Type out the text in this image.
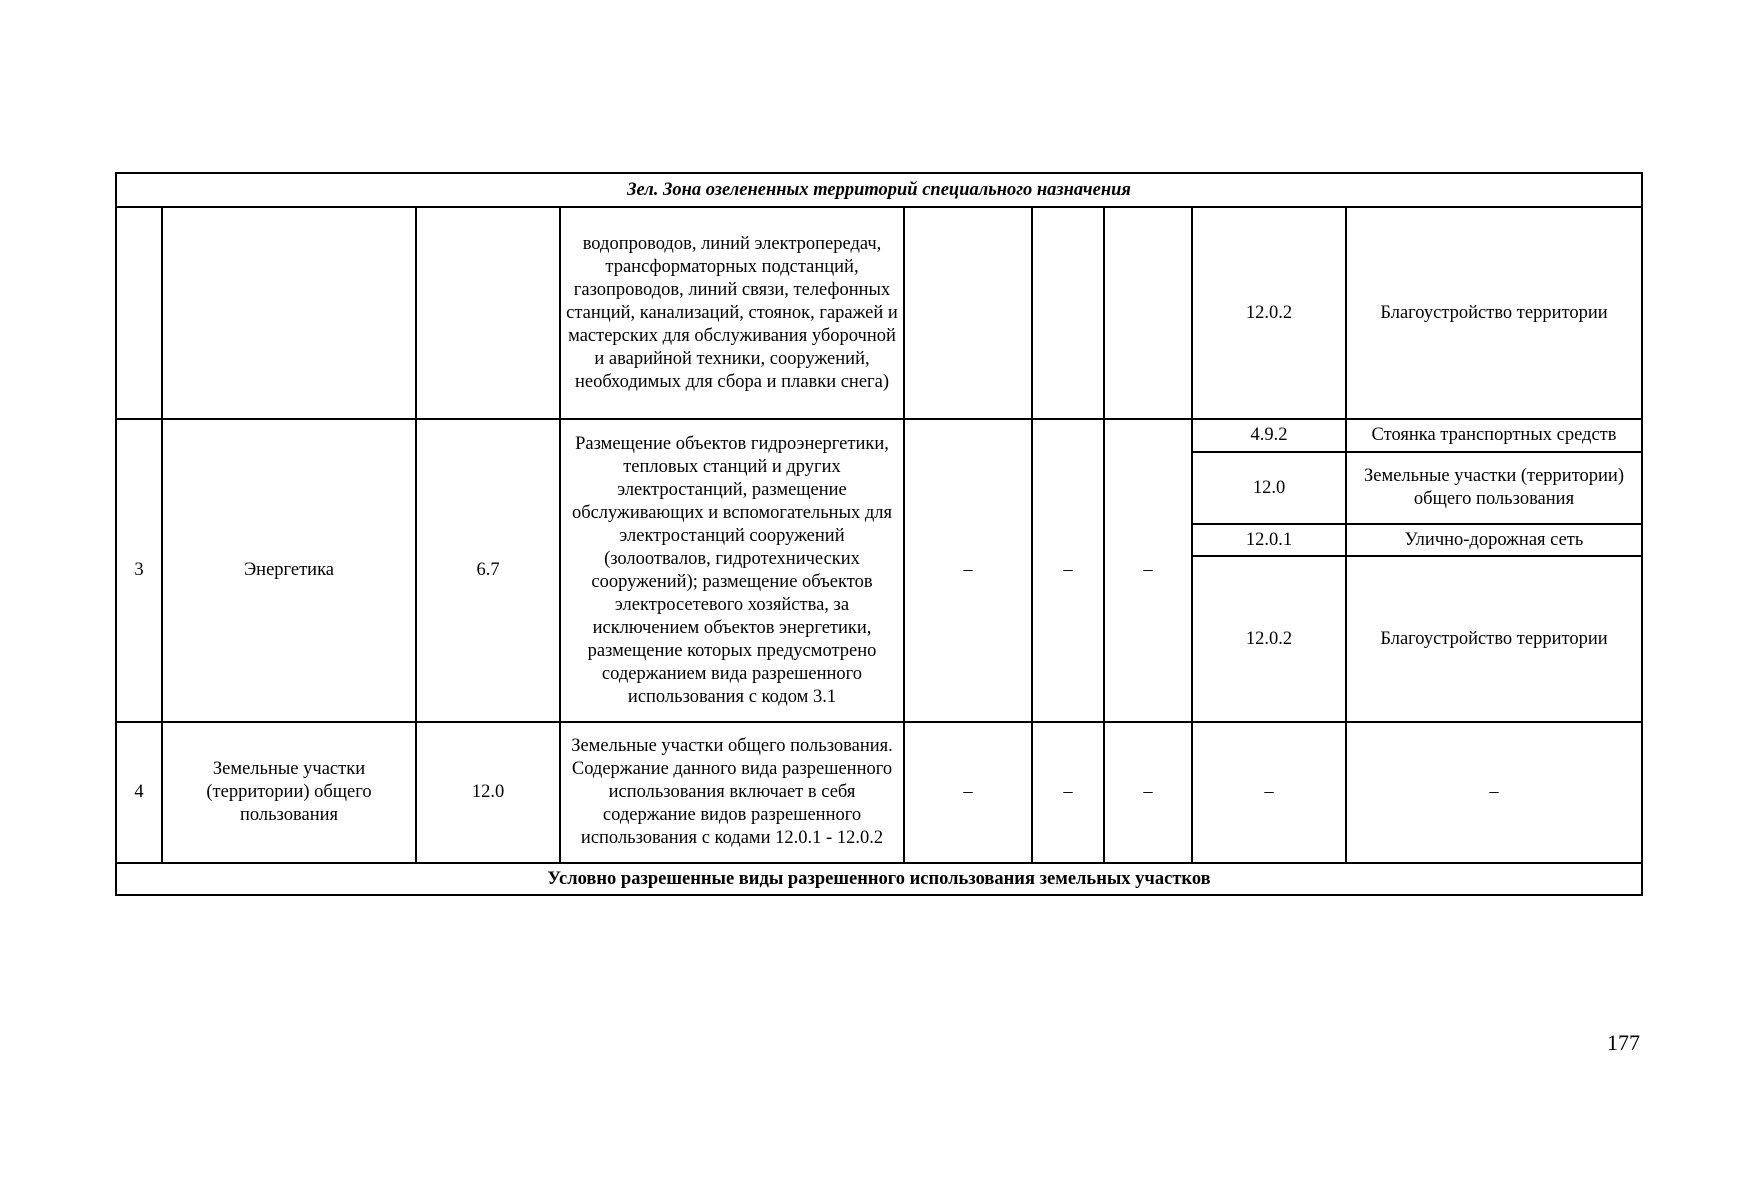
Зел. Зона озелененных территорий специального назначения								
			водопроводов, линий электропередач, трансформаторных подстанций, газопроводов, линий связи, телефонных станций, канализаций, стоянок, гаражей и мастерских для обслуживания уборочной и аварийной техники, сооружений, необходимых для сбора и плавки снега)				12.0.2	Благоустройство территории
3	Энергетика	6.7	Размещение объектов гидроэнергетики, тепловых станций и других электростанций, размещение обслуживающих и вспомогательных для электростанций сооружений (золоотвалов, гидротехнических сооружений); размещение объектов электросетевого хозяйства, за исключением объектов энергетики, размещение которых предусмотрено содержанием вида разрешенного использования с кодом 3.1	–	–	–	4.9.2	Стоянка транспортных средств
							12.0	Земельные участки (территории) общего пользования
							12.0.1	Улично-дорожная сеть
							12.0.2	Благоустройство территории
4	Земельные участки (территории) общего пользования	12.0	Земельные участки общего пользования. Содержание данного вида разрешенного использования включает в себя содержание видов разрешенного использования с кодами 12.0.1 - 12.0.2	–	–	–	–	–
Условно разрешенные виды разрешенного использования земельных участков								
177
